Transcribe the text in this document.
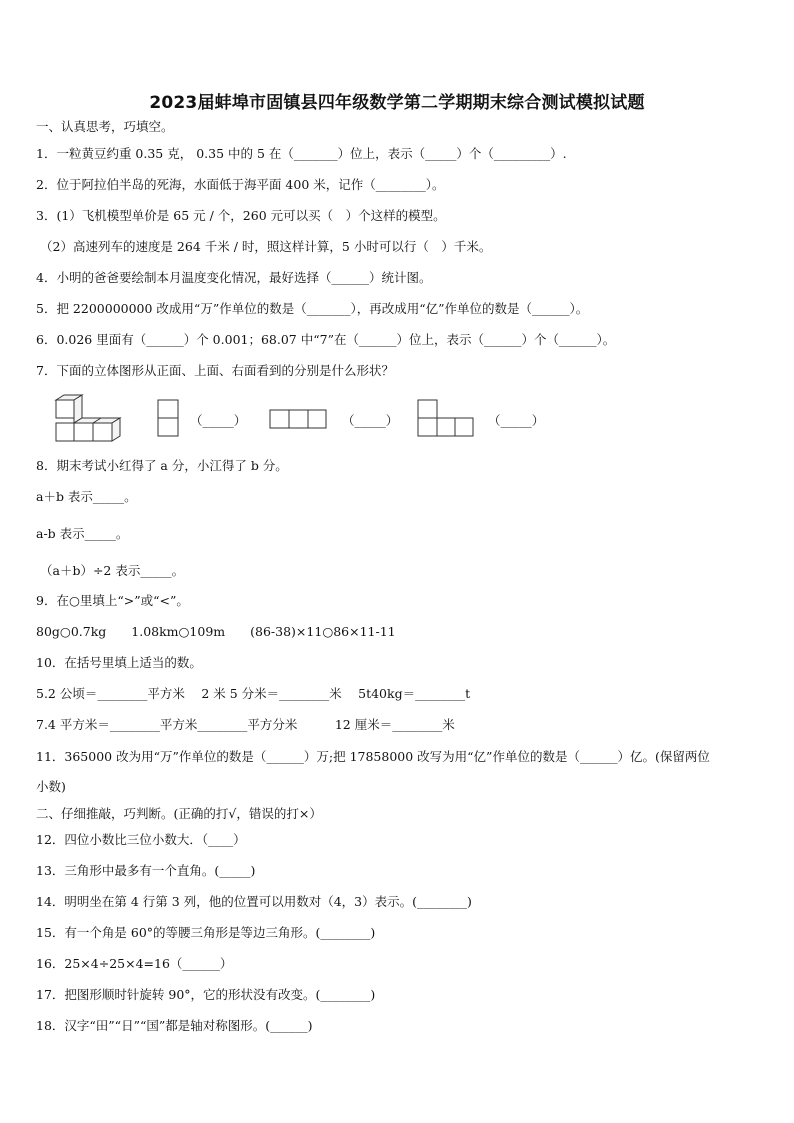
2023届蚌埠市固镇县四年级数学第二学期期末综合测试模拟试题
一、认真思考，巧填空。
1．一粒黄豆约重 0.35 克， 0.35 中的 5 在（_______）位上，表示（_____）个（_________）.
2．位于阿拉伯半岛的死海，水面低于海平面 400 米，记作（________）。
3．(1）飞机模型单价是 65 元 / 个，260 元可以买（　）个这样的模型。
（2）高速列车的速度是 264 千米 / 时，照这样计算，5 小时可以行（　）千米。
4．小明的爸爸要绘制本月温度变化情况，最好选择（______）统计图。
5．把 2200000000 改成用“万”作单位的数是（_______），再改成用“亿”作单位的数是（______）。
6．0.026 里面有（______）个 0.001；68.07 中“7”在（______）位上，表示（______）个（______）。
7．下面的立体图形从正面、上面、右面看到的分别是什么形状？
（_____）	（_____）	（_____）
8．期末考试小红得了 a 分，小江得了 b 分。
a＋b 表示_____。
a-b 表示_____。
（a＋b）÷2 表示_____。
9．在○里填上“>”或“<”。
80g○0.7kg　　1.08km○109m　　(86-38)×11○86×11-11
10．在括号里填上适当的数。
5.2 公顷＝________平方米　 2 米 5 分米＝________米　 5t40kg＝________t
7.4 平方米＝________平方米________平方分米　　　12 厘米＝________米
11．365000 改为用“万”作单位的数是（______）万;把 17858000 改写为用“亿”作单位的数是（______）亿。(保留两位
小数)
二、仔细推敲，巧判断。(正确的打√，错误的打×）
12．四位小数比三位小数大．（____）
13．三角形中最多有一个直角。(_____)
14．明明坐在第 4 行第 3 列，他的位置可以用数对（4，3）表示。(________)
15．有一个角是 60°的等腰三角形是等边三角形。(________)
16．25×4÷25×4=16（______）
17．把图形顺时针旋转 90°，它的形状没有改变。(________)
18．汉字“田”“日”“国”都是轴对称图形。(______)
